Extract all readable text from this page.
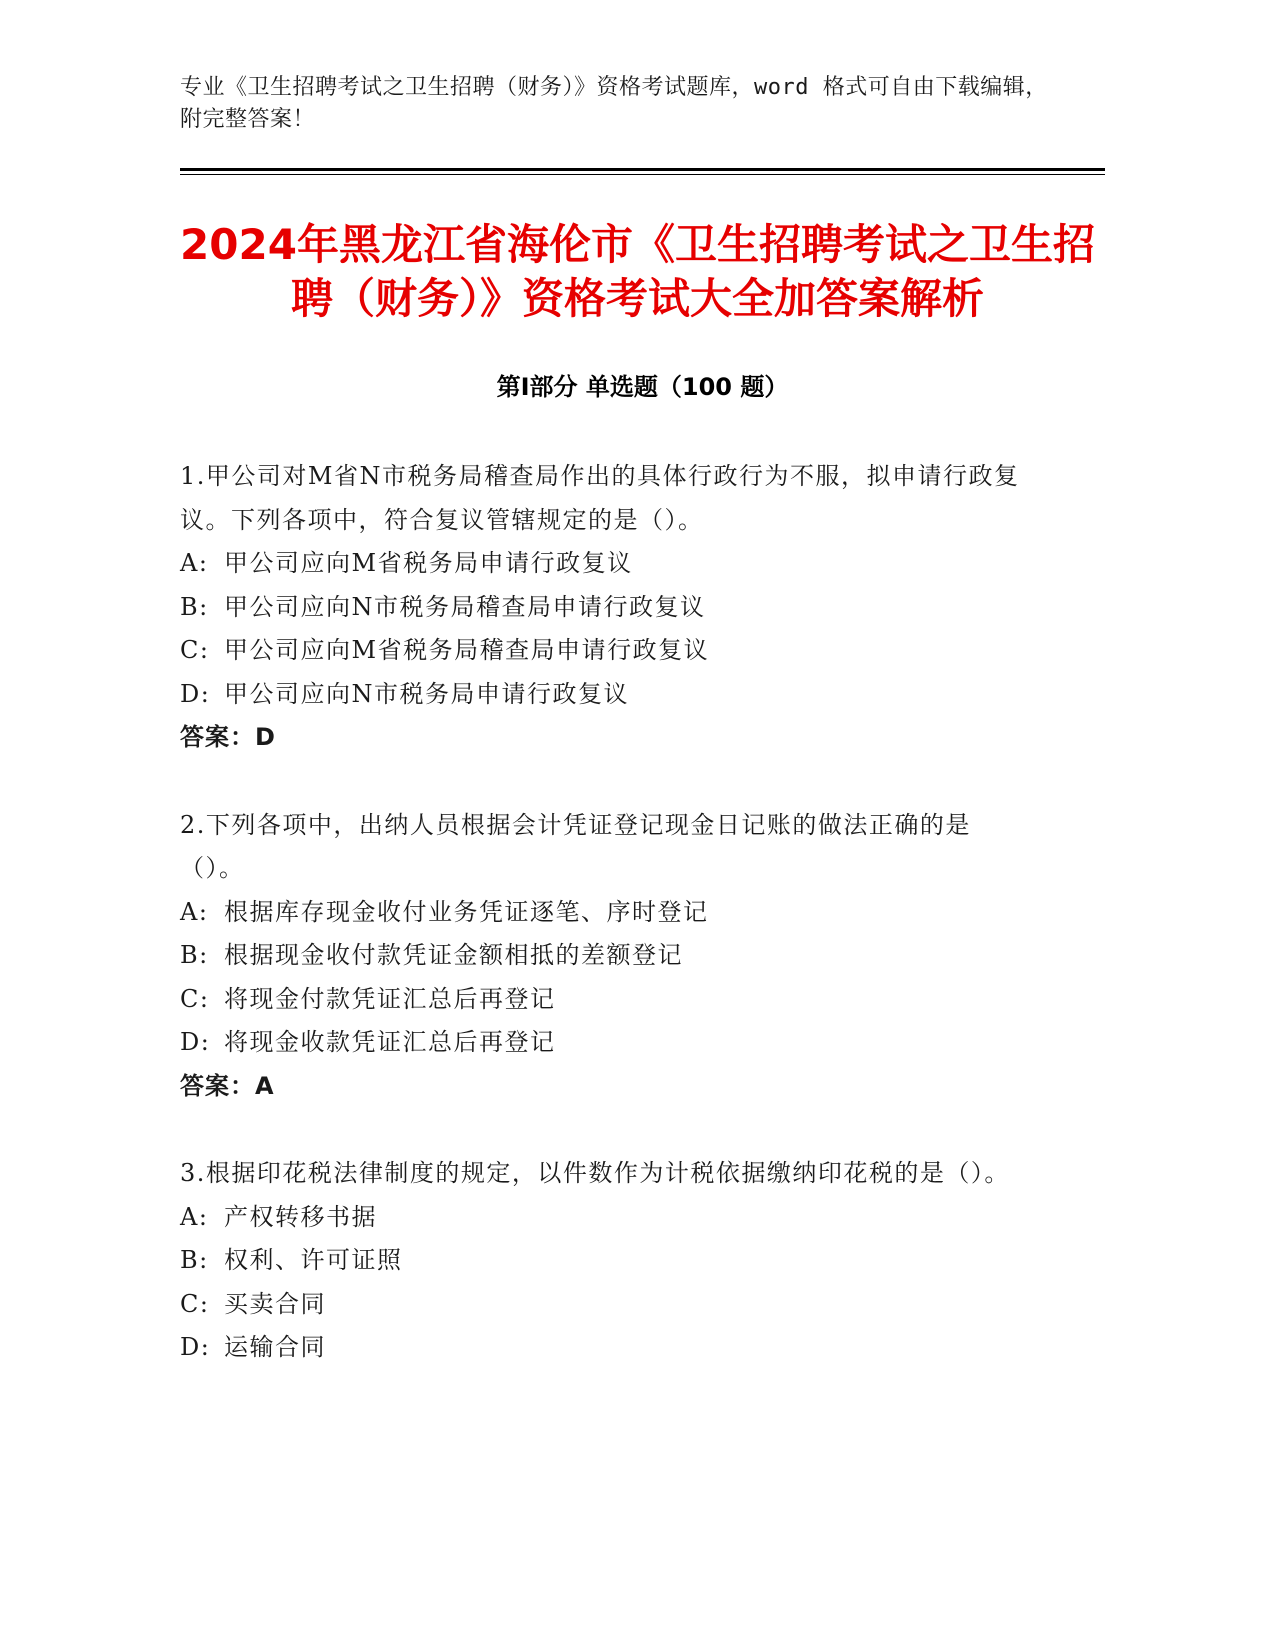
专业《卫生招聘考试之卫生招聘（财务）》资格考试题库，word 格式可自由下载编辑，附完整答案！
2024年黑龙江省海伦市《卫生招聘考试之卫生招聘（财务）》资格考试大全加答案解析
第Ⅰ部分 单选题（100 题）

1.甲公司对M省N市税务局稽查局作出的具体行政行为不服，拟申请行政复议。下列各项中，符合复议管辖规定的是（）。

A: 甲公司应向M省税务局申请行政复议

B: 甲公司应向N市税务局稽查局申请行政复议

C: 甲公司应向M省税务局稽查局申请行政复议

D: 甲公司应向N市税务局申请行政复议

答案：D

2.下列各项中，出纳人员根据会计凭证登记现金日记账的做法正确的是（）。

A: 根据库存现金收付业务凭证逐笔、序时登记

B: 根据现金收付款凭证金额相抵的差额登记

C: 将现金付款凭证汇总后再登记

D: 将现金收款凭证汇总后再登记

答案：A

3.根据印花税法律制度的规定，以件数作为计税依据缴纳印花税的是（）。

A: 产权转移书据

B: 权利、许可证照

C: 买卖合同

D: 运输合同
